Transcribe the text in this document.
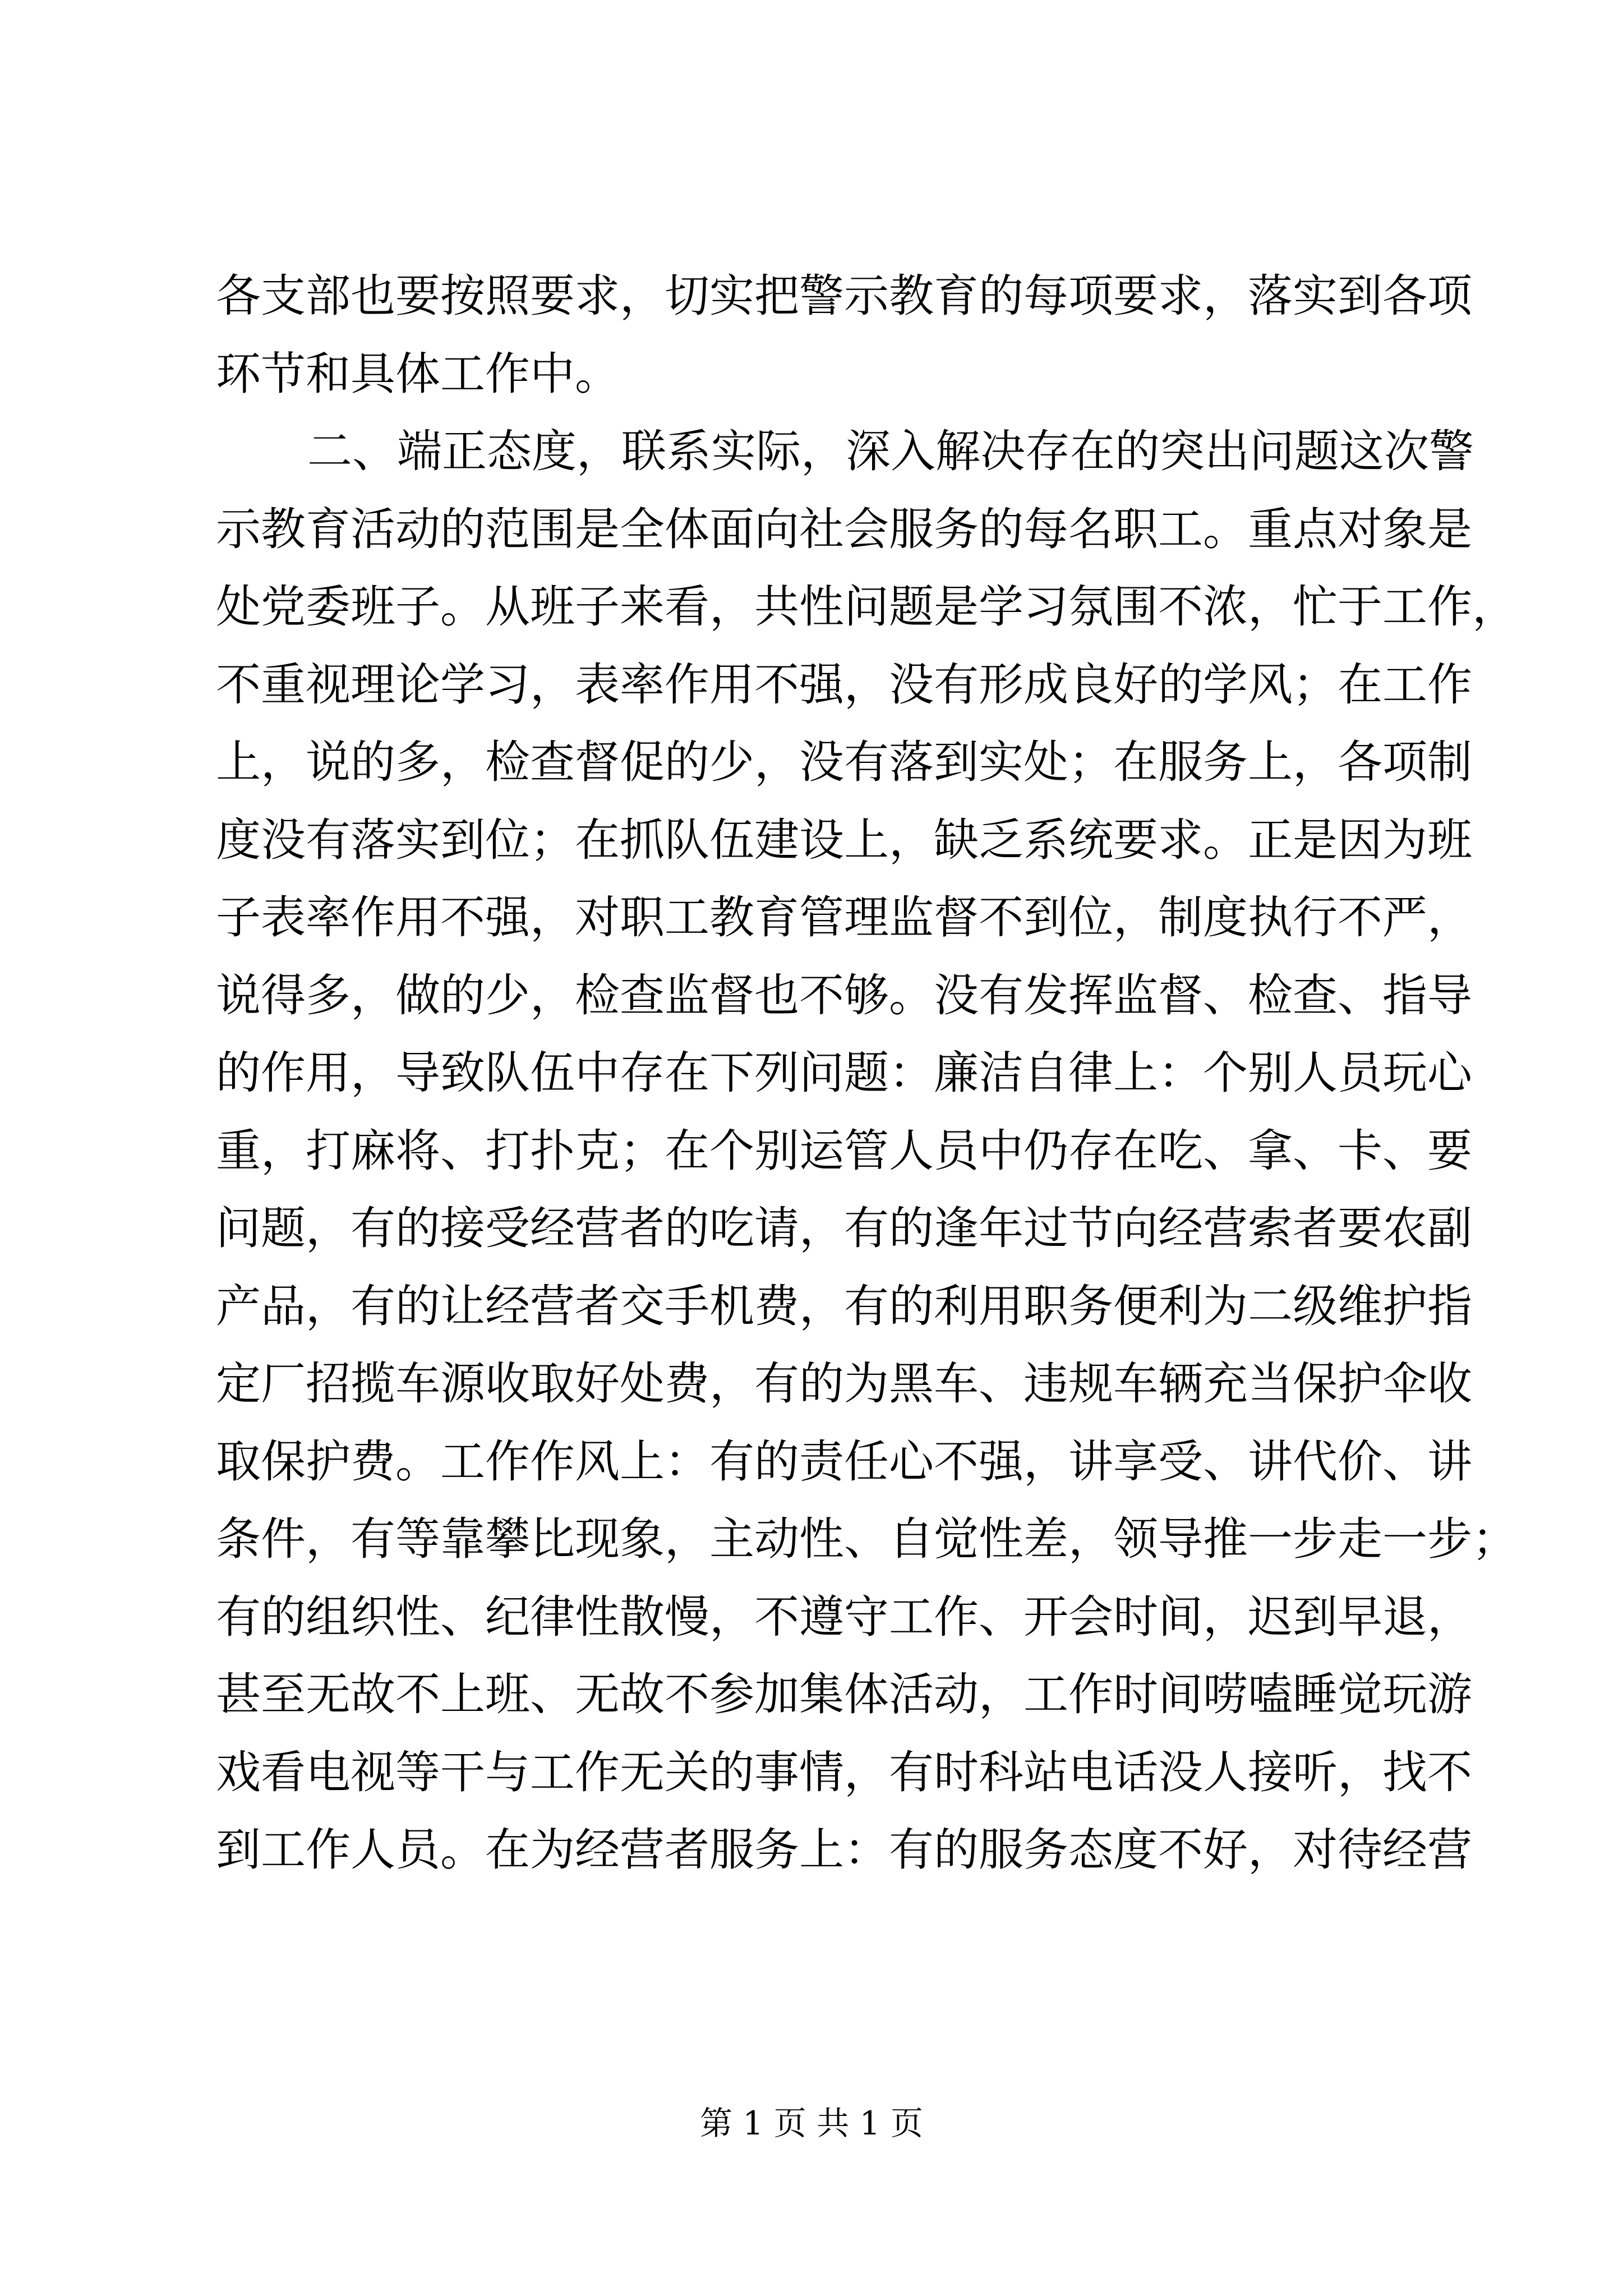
各支部也要按照要求，切实把警示教育的每项要求，落实到各项
环节和具体工作中。
二、端正态度，联系实际，深入解决存在的突出问题这次警
示教育活动的范围是全体面向社会服务的每名职工。重点对象是
处党委班子。从班子来看，共性问题是学习氛围不浓，忙于工作，
不重视理论学习，表率作用不强，没有形成良好的学风；在工作
上，说的多，检查督促的少，没有落到实处；在服务上，各项制
度没有落实到位；在抓队伍建设上，缺乏系统要求。正是因为班
子表率作用不强，对职工教育管理监督不到位，制度执行不严，
说得多，做的少，检查监督也不够。没有发挥监督、检查、指导
的作用，导致队伍中存在下列问题：廉洁自律上：个别人员玩心
重，打麻将、打扑克；在个别运管人员中仍存在吃、拿、卡、要
问题，有的接受经营者的吃请，有的逢年过节向经营索者要农副
产品，有的让经营者交手机费，有的利用职务便利为二级维护指
定厂招揽车源收取好处费，有的为黑车、违规车辆充当保护伞收
取保护费。工作作风上：有的责任心不强，讲享受、讲代价、讲
条件，有等靠攀比现象，主动性、自觉性差，领导推一步走一步；
有的组织性、纪律性散慢，不遵守工作、开会时间，迟到早退，
甚至无故不上班、无故不参加集体活动，工作时间唠嗑睡觉玩游
戏看电视等干与工作无关的事情，有时科站电话没人接听，找不
到工作人员。在为经营者服务上：有的服务态度不好，对待经营
第 1 页 共 1 页
